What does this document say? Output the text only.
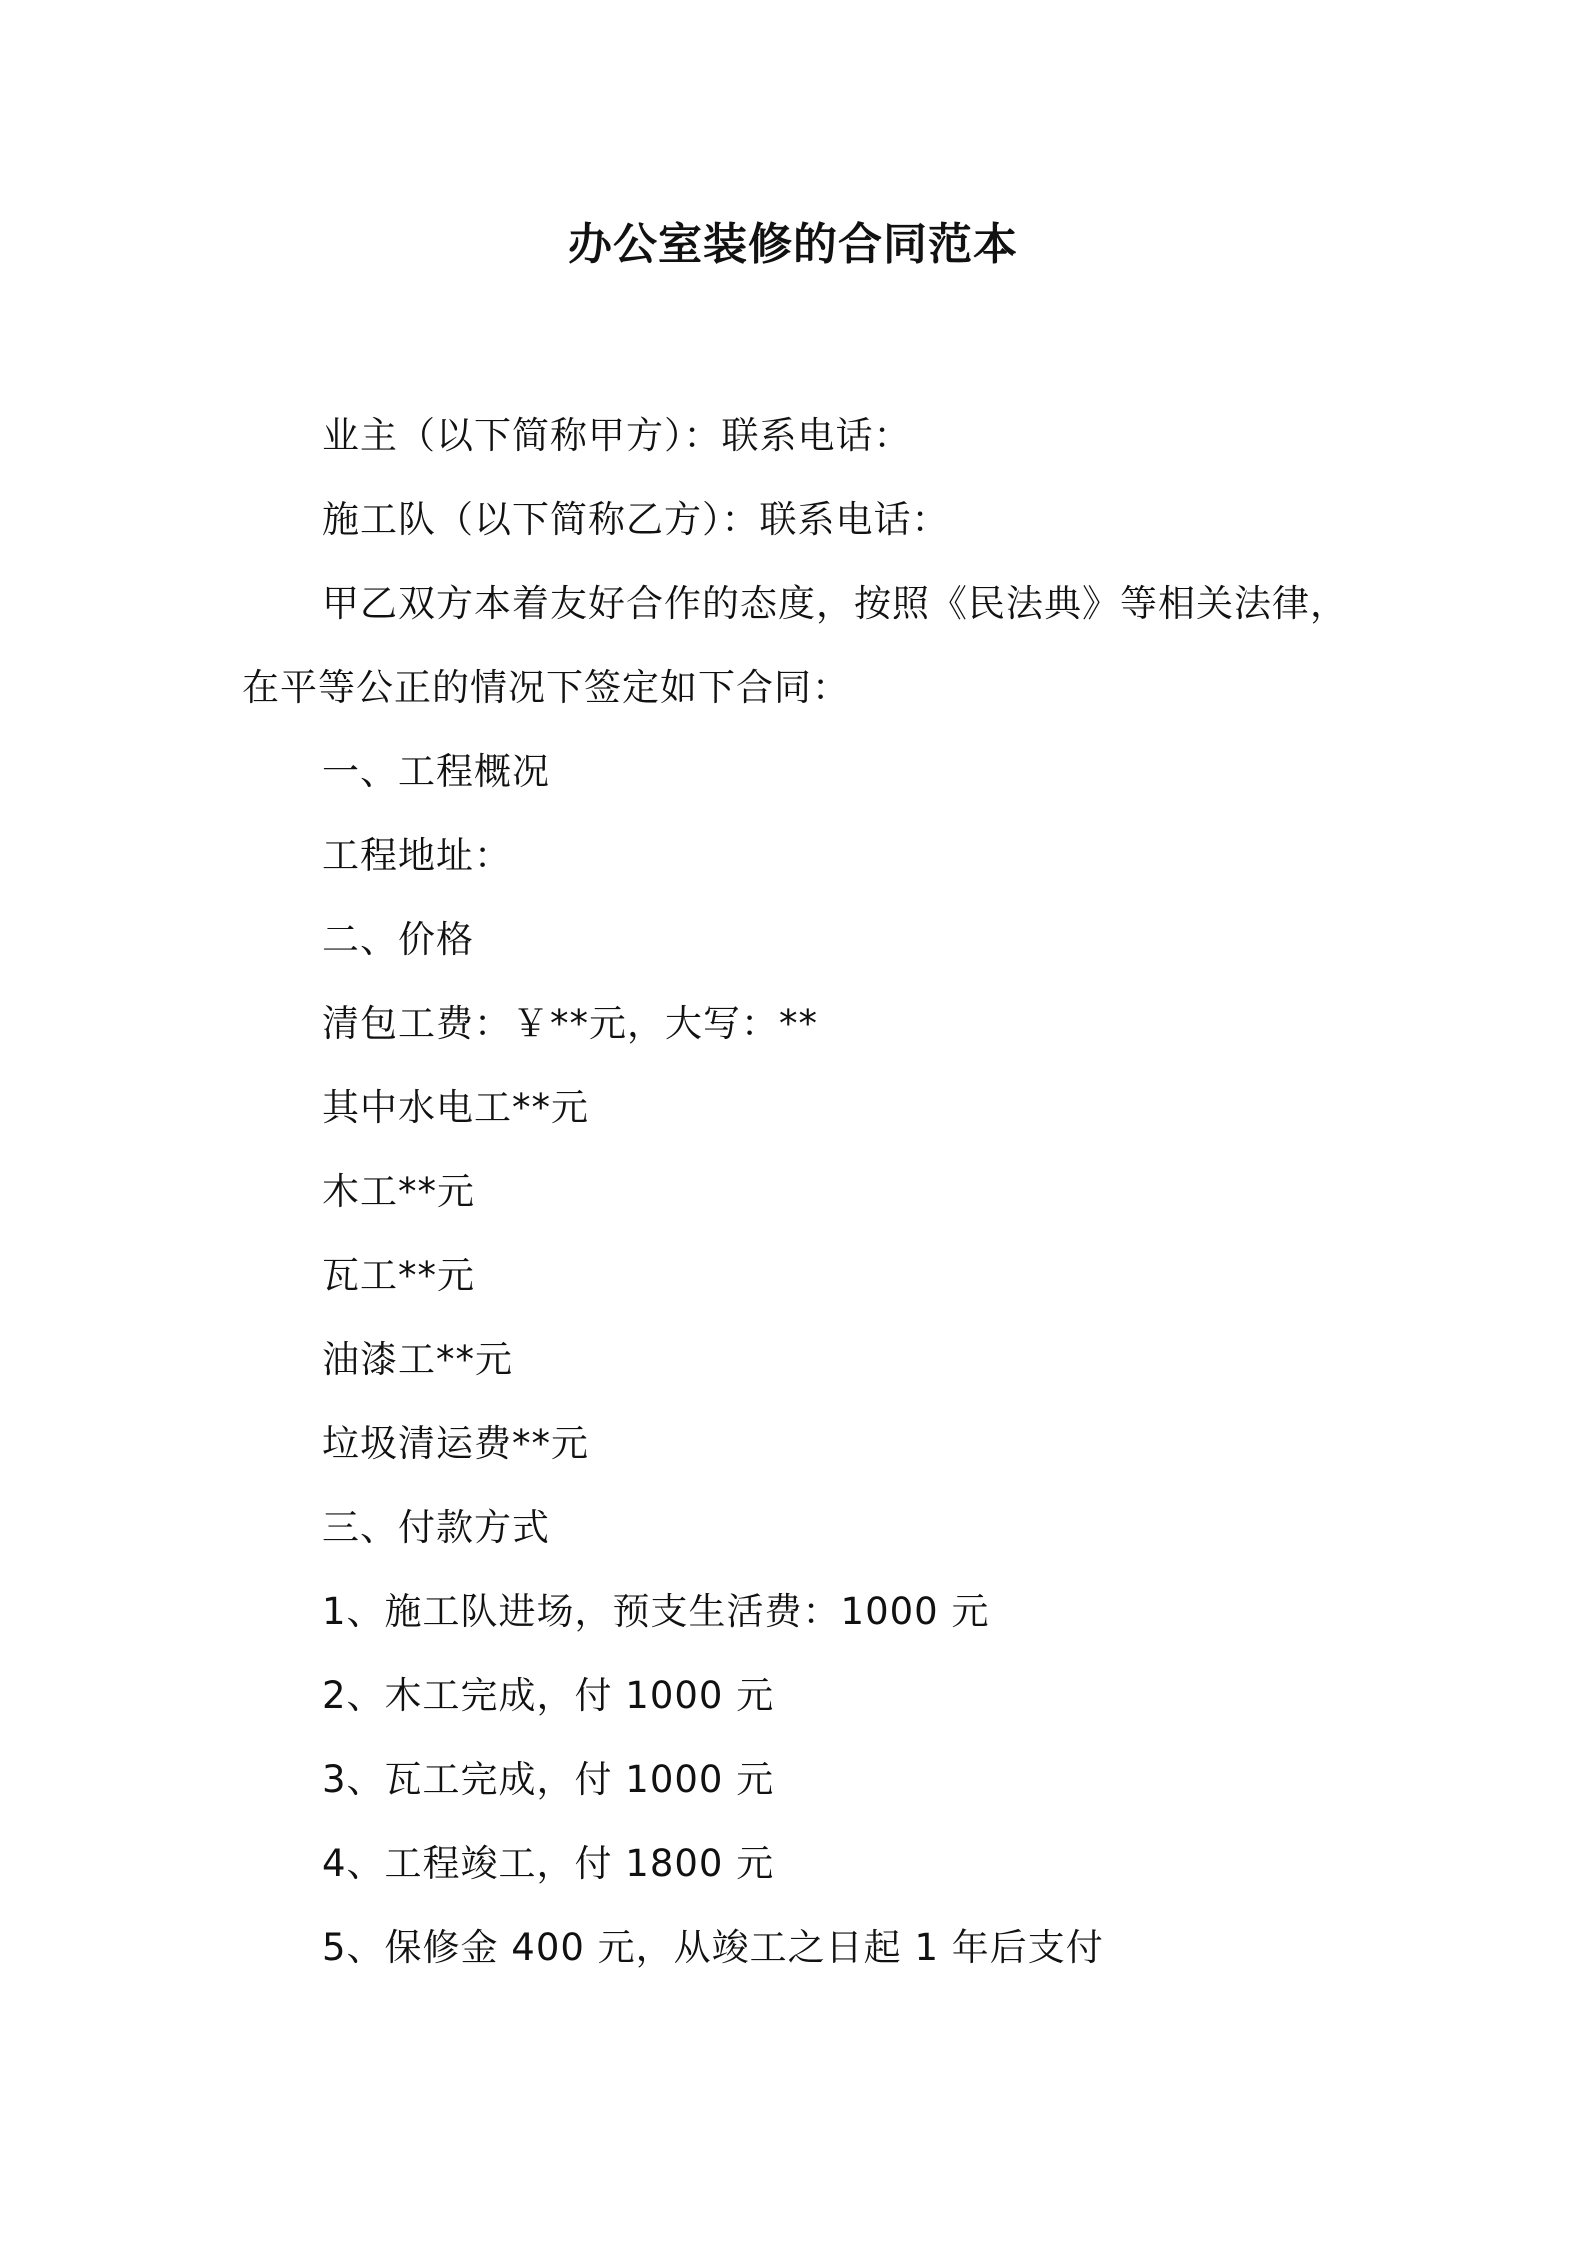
办公室装修的合同范本
业主（以下简称甲方）：联系电话：
施工队（以下简称乙方）：联系电话：
甲乙双方本着友好合作的态度，按照《民法典》等相关法律，
在平等公正的情况下签定如下合同：
一、工程概况
工程地址：
二、价格
清包工费：￥**元，大写：**
其中水电工**元
木工**元
瓦工**元
油漆工**元
垃圾清运费**元
三、付款方式
1、施工队进场，预支生活费：1000 元
2、木工完成，付 1000 元
3、瓦工完成，付 1000 元
4、工程竣工，付 1800 元
5、保修金 400 元，从竣工之日起 1 年后支付
